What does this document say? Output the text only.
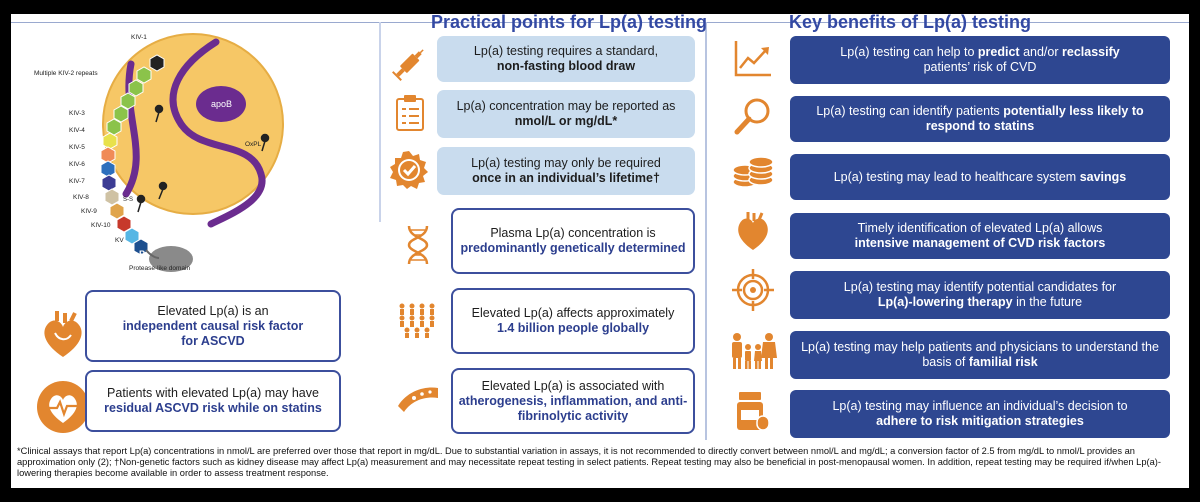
KIV-1
Multiple KIV-2 repeats
KIV-3
KIV-4
KIV-5
KIV-6
KIV-7
KIV-8
KIV-9
KIV-10
KV
P
Protease-like domain
apoB
OxPL
S-S
Elevated Lp(a) is an
independent causal risk factor
for ASCVD
Patients with elevated Lp(a) may have
residual ASCVD risk while on statins
Practical points for Lp(a) testing
Lp(a) testing requires a standard,
non-fasting blood draw
Lp(a) concentration may be reported as
nmol/L or mg/dL*
Lp(a) testing may only be required
once in an individual’s lifetime†
Plasma Lp(a) concentration is
predominantly genetically determined
Elevated Lp(a) affects approximately
1.4 billion people globally
Elevated Lp(a) is associated with
atherogenesis, inflammation, and anti-fibrinolytic activity
Key benefits of Lp(a) testing
Lp(a) testing can help to predict and/or reclassify
patients’ risk of CVD
Lp(a) testing can identify patients potentially less likely to respond to statins
Lp(a) testing may lead to healthcare system savings
Timely identification of elevated Lp(a) allows
intensive management of CVD risk factors
Lp(a) testing may identify potential candidates for
Lp(a)-lowering therapy in the future
Lp(a) testing may help patients and physicians to understand the basis of familial risk
Lp(a) testing may influence an individual’s decision to
adhere to risk mitigation strategies
*Clinical assays that report Lp(a) concentrations in nmol/L are preferred over those that report in mg/dL. Due to substantial variation in assays, it is not recommended to directly convert between nmol/L and mg/dL; a conversion factor of 2.5 from mg/dL to nmol/L provides an approximation only (2); †Non-genetic factors such as kidney disease may affect Lp(a) measurement and may necessitate repeat testing in select patients. Repeat testing may also be beneficial in post-menopausal women. In addition, repeat testing may be required if/when Lp(a)-lowering therapies become available in order to assess treatment response.
